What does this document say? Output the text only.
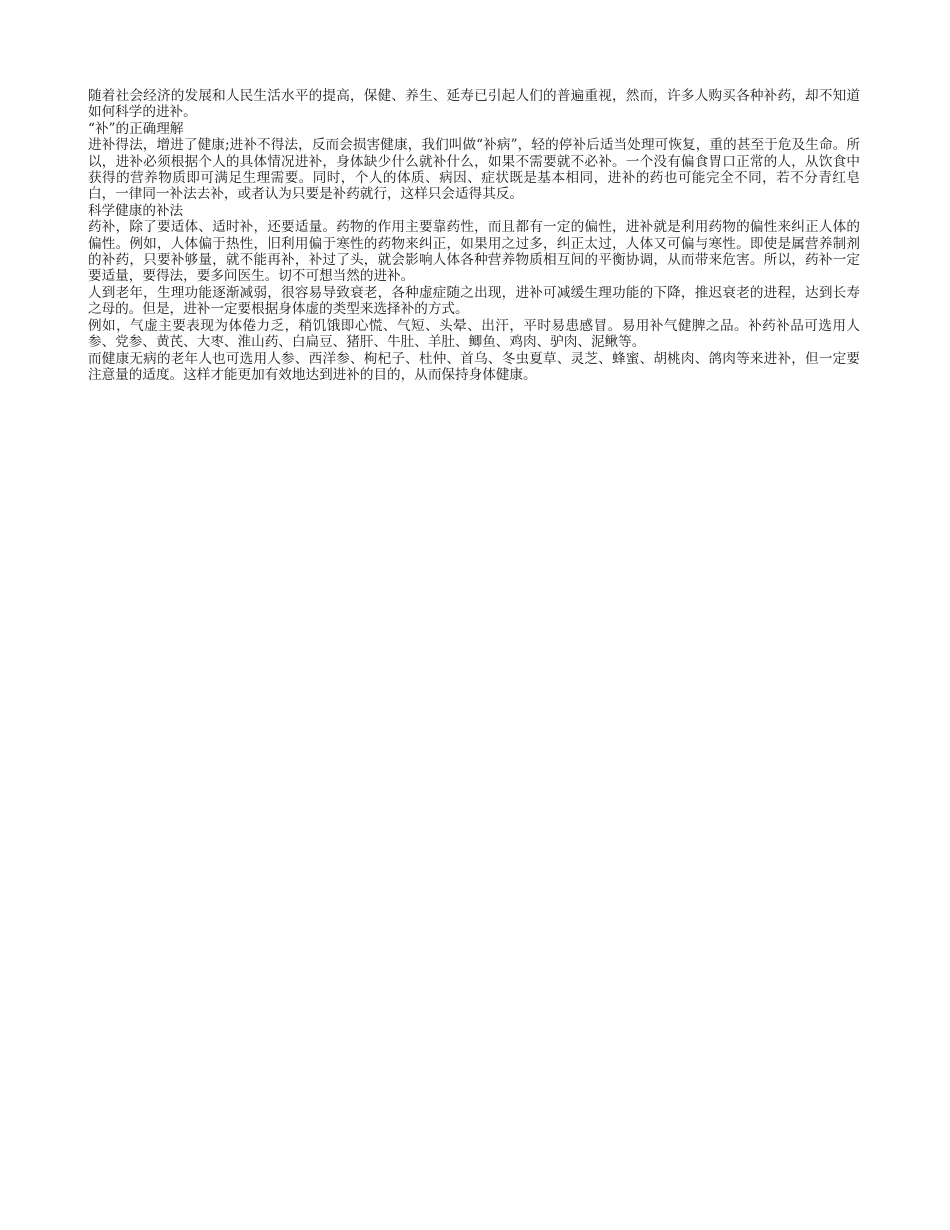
随着社会经济的发展和人民生活水平的提高，保健、养生、延寿已引起人们的普遍重视，然而，许多人购买各种补药，却不知道如何科学的进补。

“补”的正确理解

进补得法，增进了健康;进补不得法，反而会损害健康，我们叫做“补病”，轻的停补后适当处理可恢复，重的甚至于危及生命。所以，进补必须根据个人的具体情况进补，身体缺少什么就补什么，如果不需要就不必补。一个没有偏食胃口正常的人，从饮食中获得的营养物质即可满足生理需要。同时，个人的体质、病因、症状既是基本相同，进补的药也可能完全不同，若不分青红皂白，一律同一补法去补，或者认为只要是补药就行，这样只会适得其反。

科学健康的补法

药补，除了要适体、适时补，还要适量。药物的作用主要靠药性，而且都有一定的偏性，进补就是利用药物的偏性来纠正人体的偏性。例如，人体偏于热性，旧利用偏于寒性的药物来纠正，如果用之过多，纠正太过，人体又可偏与寒性。即使是属营养制剂的补药，只要补够量，就不能再补，补过了头，就会影响人体各种营养物质相互间的平衡协调，从而带来危害。所以，药补一定要适量，要得法，要多问医生。切不可想当然的进补。

人到老年，生理功能逐渐减弱，很容易导致衰老，各种虚症随之出现，进补可减缓生理功能的下降，推迟衰老的进程，达到长寿之母的。但是，进补一定要根据身体虚的类型来选择补的方式。

例如，气虚主要表现为体倦力乏，稍饥饿即心慌、气短、头晕、出汗，平时易患感冒。易用补气健脾之品。补药补品可选用人参、党参、黄芪、大枣、淮山药、白扁豆、猪肝、牛肚、羊肚、鲫鱼、鸡肉、驴肉、泥鳅等。

而健康无病的老年人也可选用人参、西洋参、枸杞子、杜仲、首乌、冬虫夏草、灵芝、蜂蜜、胡桃肉、鸽肉等来进补，但一定要注意量的适度。这样才能更加有效地达到进补的目的，从而保持身体健康。
